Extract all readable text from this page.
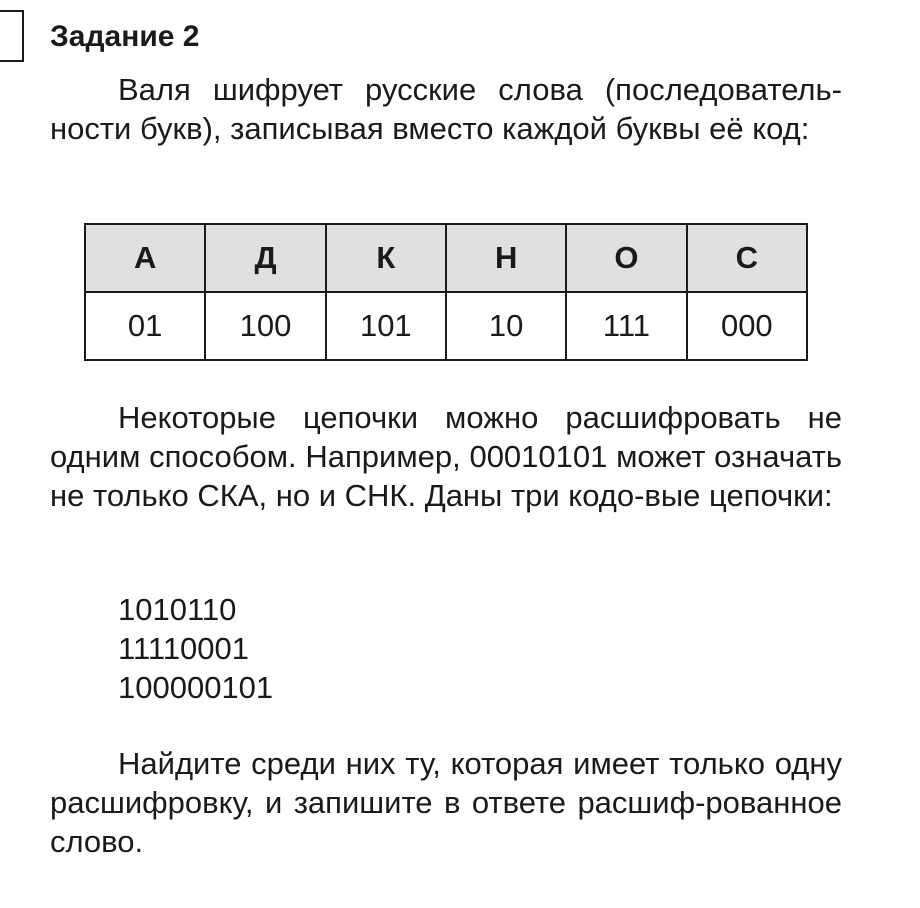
Задание 2

Валя шифрует русские слова (последователь-ности букв), записывая вместо каждой буквы её код:

А	Д	К	Н	О	С
01	100	101	10	111	000

Некоторые цепочки можно расшифровать не одним способом. Например, 00010101 может означать не только СКА, но и СНК. Даны три кодо-вые цепочки:

1010110
11110001
100000101

Найдите среди них ту, которая имеет только одну расшифровку, и запишите в ответе расшиф-рованное слово.
